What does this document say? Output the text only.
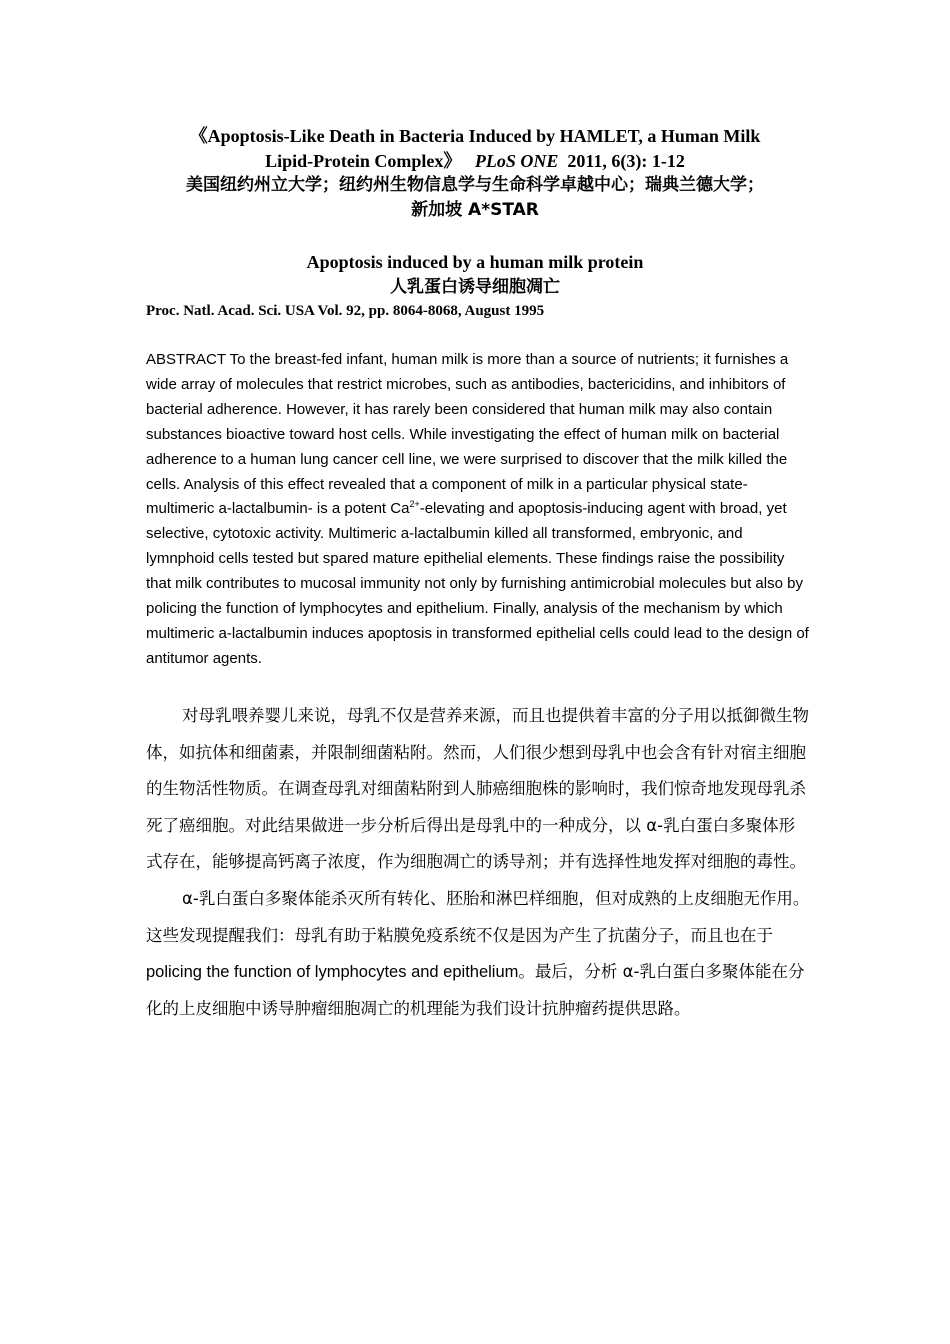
《Apoptosis-Like Death in Bacteria Induced by HAMLET, a Human Milk
Lipid-Protein Complex》 PLoS ONE 2011, 6(3): 1-12
美国纽约州立大学；纽约州生物信息学与生命科学卓越中心；瑞典兰德大学；
新加坡 A*STAR
Apoptosis induced by a human milk protein
人乳蛋白诱导细胞凋亡
Proc. Natl. Acad. Sci. USA Vol. 92, pp. 8064-8068, August 1995
ABSTRACT To the breast-fed infant, human milk is more than a source of nutrients; it furnishes a wide array of molecules that restrict microbes, such as antibodies, bactericidins, and inhibitors of bacterial adherence. However, it has rarely been considered that human milk may also contain substances bioactive toward host cells. While investigating the effect of human milk on bacterial adherence to a human lung cancer cell line, we were surprised to discover that the milk killed the cells. Analysis of this effect revealed that a component of milk in a particular physical state-multimeric a-lactalbumin- is a potent $Ca^{2+}$-elevating and apoptosis-inducing agent with broad, yet selective, cytotoxic activity. Multimeric a-lactalbumin killed all transformed, embryonic, and lymnphoid cells tested but spared mature epithelial elements. These findings raise the possibility that milk contributes to mucosal immunity not only by furnishing antimicrobial molecules but also by policing the function of lymphocytes and epithelium. Finally, analysis of the mechanism by which multimeric a-lactalbumin induces apoptosis in transformed epithelial cells could lead to the design of antitumor agents.

对母乳喂养婴儿来说，母乳不仅是营养来源，而且也提供着丰富的分子用以抵御微生物体，如抗体和细菌素，并限制细菌粘附。然而，人们很少想到母乳中也会含有针对宿主细胞的生物活性物质。在调查母乳对细菌粘附到人肺癌细胞株的影响时，我们惊奇地发现母乳杀死了癌细胞。对此结果做进一步分析后得出是母乳中的一种成分，以 α-乳白蛋白多聚体形式存在，能够提高钙离子浓度，作为细胞凋亡的诱导剂；并有选择性地发挥对细胞的毒性。

α-乳白蛋白多聚体能杀灭所有转化、胚胎和淋巴样细胞，但对成熟的上皮细胞无作用。这些发现提醒我们：母乳有助于粘膜免疫系统不仅是因为产生了抗菌分子，而且也在于policing the function of lymphocytes and epithelium。最后，分析 α-乳白蛋白多聚体能在分化的上皮细胞中诱导肿瘤细胞凋亡的机理能为我们设计抗肿瘤药提供思路。
